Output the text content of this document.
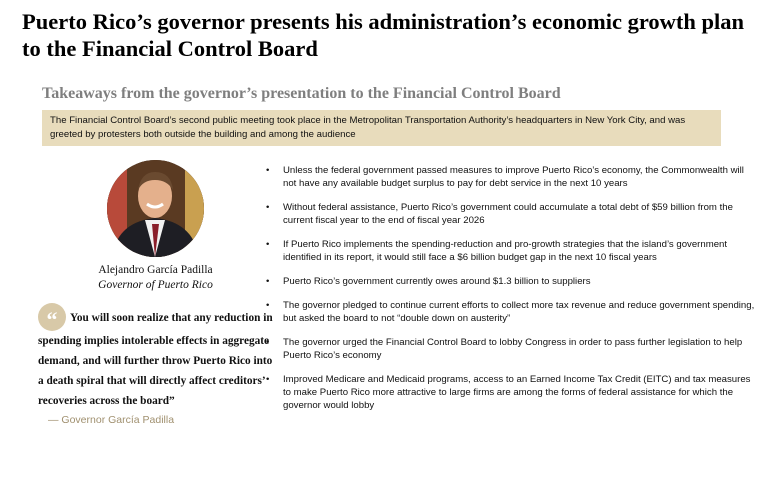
Puerto Rico’s governor presents his administration’s economic growth plan to the Financial Control Board
Takeaways from the governor’s presentation to the Financial Control Board
The Financial Control Board’s second public meeting took place in the Metropolitan Transportation Authority’s headquarters in New York City, and was greeted by protesters both outside the building and among the audience
Alejandro García Padilla
Governor of Puerto Rico
“ You will soon realize that any reduction in spending implies intolerable effects in aggregate demand, and will further throw Puerto Rico into a death spiral that will directly affect creditors’ recoveries across the board”
— Governor García Padilla
• Unless the federal government passed measures to improve Puerto Rico’s economy, the Commonwealth will not have any available budget surplus to pay for debt service in the next 10 years
• Without federal assistance, Puerto Rico’s government could accumulate a total debt of $59 billion from the current fiscal year to the end of fiscal year 2026
• If Puerto Rico implements the spending-reduction and pro-growth strategies that the island’s government identified in its report, it would still face a $6 billion budget gap in the next 10 fiscal years
• Puerto Rico’s government currently owes around $1.3 billion to suppliers
• The governor pledged to continue current efforts to collect more tax revenue and reduce government spending, but asked the board to not “double down on austerity”
• The governor urged the Financial Control Board to lobby Congress in order to pass further legislation to help Puerto Rico’s economy
• Improved Medicare and Medicaid programs, access to an Earned Income Tax Credit (EITC) and tax measures to make Puerto Rico more attractive to large firms are among the forms of federal assistance for which the governor would lobby
